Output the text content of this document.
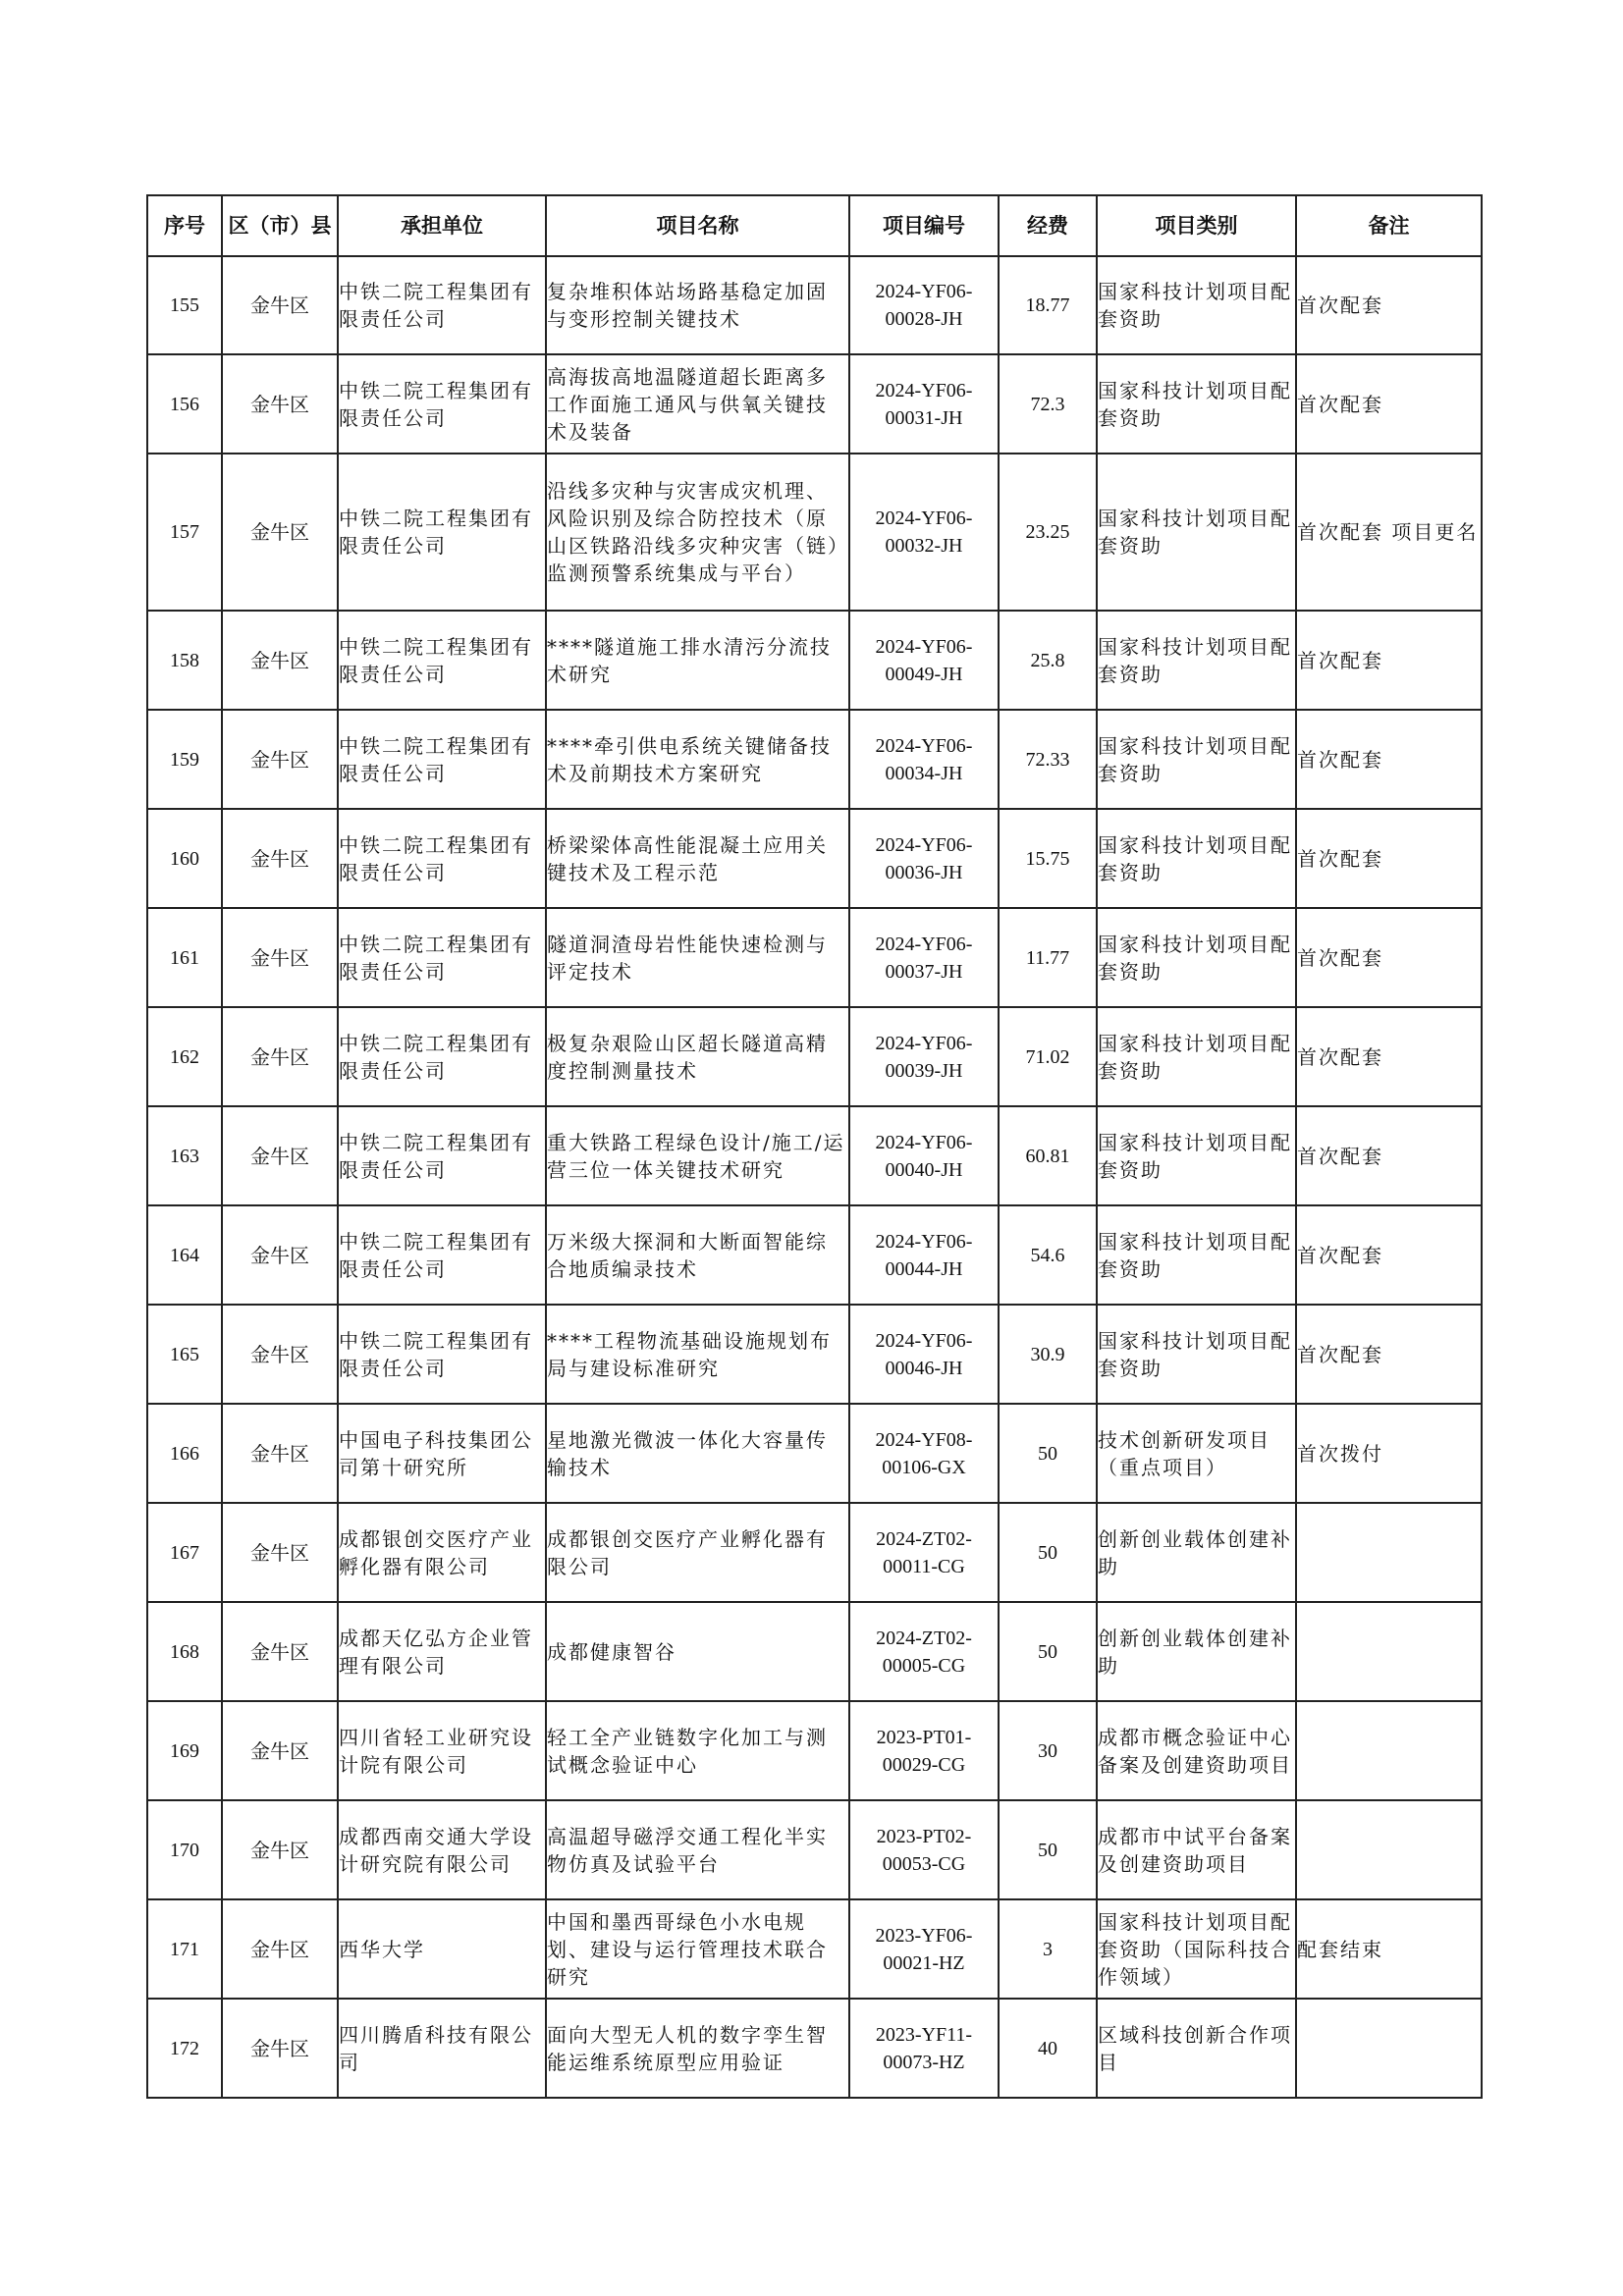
序号	区（市）县	承担单位	项目名称	项目编号	经费	项目类别	备注
155	金牛区	中铁二院工程集团有限责任公司	复杂堆积体站场路基稳定加固与变形控制关键技术	2024-YF06-00028-JH	18.77	国家科技计划项目配套资助	首次配套
156	金牛区	中铁二院工程集团有限责任公司	高海拔高地温隧道超长距离多工作面施工通风与供氧关键技术及装备	2024-YF06-00031-JH	72.3	国家科技计划项目配套资助	首次配套
157	金牛区	中铁二院工程集团有限责任公司	沿线多灾种与灾害成灾机理、风险识别及综合防控技术（原山区铁路沿线多灾种灾害（链）监测预警系统集成与平台）	2024-YF06-00032-JH	23.25	国家科技计划项目配套资助	首次配套 项目更名
158	金牛区	中铁二院工程集团有限责任公司	****隧道施工排水清污分流技术研究	2024-YF06-00049-JH	25.8	国家科技计划项目配套资助	首次配套
159	金牛区	中铁二院工程集团有限责任公司	****牵引供电系统关键储备技术及前期技术方案研究	2024-YF06-00034-JH	72.33	国家科技计划项目配套资助	首次配套
160	金牛区	中铁二院工程集团有限责任公司	桥梁梁体高性能混凝土应用关键技术及工程示范	2024-YF06-00036-JH	15.75	国家科技计划项目配套资助	首次配套
161	金牛区	中铁二院工程集团有限责任公司	隧道洞渣母岩性能快速检测与评定技术	2024-YF06-00037-JH	11.77	国家科技计划项目配套资助	首次配套
162	金牛区	中铁二院工程集团有限责任公司	极复杂艰险山区超长隧道高精度控制测量技术	2024-YF06-00039-JH	71.02	国家科技计划项目配套资助	首次配套
163	金牛区	中铁二院工程集团有限责任公司	重大铁路工程绿色设计/施工/运营三位一体关键技术研究	2024-YF06-00040-JH	60.81	国家科技计划项目配套资助	首次配套
164	金牛区	中铁二院工程集团有限责任公司	万米级大探洞和大断面智能综合地质编录技术	2024-YF06-00044-JH	54.6	国家科技计划项目配套资助	首次配套
165	金牛区	中铁二院工程集团有限责任公司	****工程物流基础设施规划布局与建设标准研究	2024-YF06-00046-JH	30.9	国家科技计划项目配套资助	首次配套
166	金牛区	中国电子科技集团公司第十研究所	星地激光微波一体化大容量传输技术	2024-YF08-00106-GX	50	技术创新研发项目（重点项目）	首次拨付
167	金牛区	成都银创交医疗产业孵化器有限公司	成都银创交医疗产业孵化器有限公司	2024-ZT02-00011-CG	50	创新创业载体创建补助	
168	金牛区	成都天亿弘方企业管理有限公司	成都健康智谷	2024-ZT02-00005-CG	50	创新创业载体创建补助	
169	金牛区	四川省轻工业研究设计院有限公司	轻工全产业链数字化加工与测试概念验证中心	2023-PT01-00029-CG	30	成都市概念验证中心备案及创建资助项目	
170	金牛区	成都西南交通大学设计研究院有限公司	高温超导磁浮交通工程化半实物仿真及试验平台	2023-PT02-00053-CG	50	成都市中试平台备案及创建资助项目	
171	金牛区	西华大学	中国和墨西哥绿色小水电规划、建设与运行管理技术联合研究	2023-YF06-00021-HZ	3	国家科技计划项目配套资助（国际科技合作领域）	配套结束
172	金牛区	四川腾盾科技有限公司	面向大型无人机的数字孪生智能运维系统原型应用验证	2023-YF11-00073-HZ	40	区域科技创新合作项目	
